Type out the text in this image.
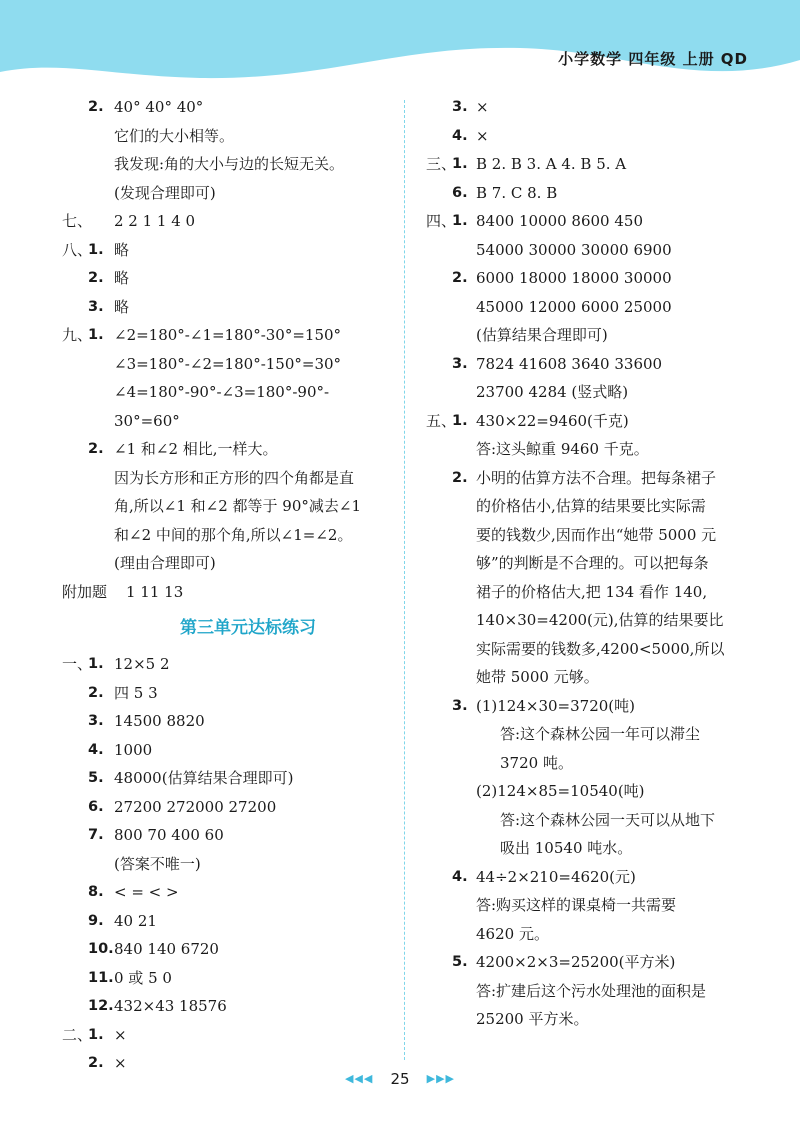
小学数学 四年级 上册 QD
2. 40° 40° 40°
它们的大小相等。
我发现:角的大小与边的长短无关。
(发现合理即可)
七、 2 2 1 1 4 0
八、
1. 略
2. 略
3. 略
九、
1. ∠2=180°-∠1=180°-30°=150°
∠3=180°-∠2=180°-150°=30°
∠4=180°-90°-∠3=180°-90°-
30°=60°
2. ∠1 和∠2 相比,一样大。
因为长方形和正方形的四个角都是直
角,所以∠1 和∠2 都等于 90°减去∠1
和∠2 中间的那个角,所以∠1=∠2。
(理由合理即可)
附加题 1 11 13
第三单元达标练习
一、
1. 12×5 2
2. 四 5 3
3. 14500 8820
4. 1000
5. 48000(估算结果合理即可)
6. 27200 272000 27200
7. 800 70 400 60
(答案不唯一)
8. < = < >
9. 40 21
10. 840 140 6720
11. 0 或 5 0
12. 432×43 18576
二、
1. ×
2. ×
3. ×
4. ×
三、
1. B 2. B 3. A 4. B 5. A
6. B 7. C 8. B
四、
1. 8400 10000 8600 450
54000 30000 30000 6900
2. 6000 18000 18000 30000
45000 12000 6000 25000
(估算结果合理即可)
3. 7824 41608 3640 33600
23700 4284 (竖式略)
五、
1. 430×22=9460(千克)
答:这头鲸重 9460 千克。
2. 小明的估算方法不合理。把每条裙子
的价格估小,估算的结果要比实际需
要的钱数少,因而作出“她带 5000 元
够”的判断是不合理的。可以把每条
裙子的价格估大,把 134 看作 140,
140×30=4200(元),估算的结果要比
实际需要的钱数多,4200<5000,所以
她带 5000 元够。
3. (1)124×30=3720(吨)
答:这个森林公园一年可以滞尘
3720 吨。
(2)124×85=10540(吨)
答:这个森林公园一天可以从地下
吸出 10540 吨水。
4. 44÷2×210=4620(元)
答:购买这样的课桌椅一共需要
4620 元。
5. 4200×2×3=25200(平方米)
答:扩建后这个污水处理池的面积是
25200 平方米。
◀◀◀ 25 ▶▶▶
